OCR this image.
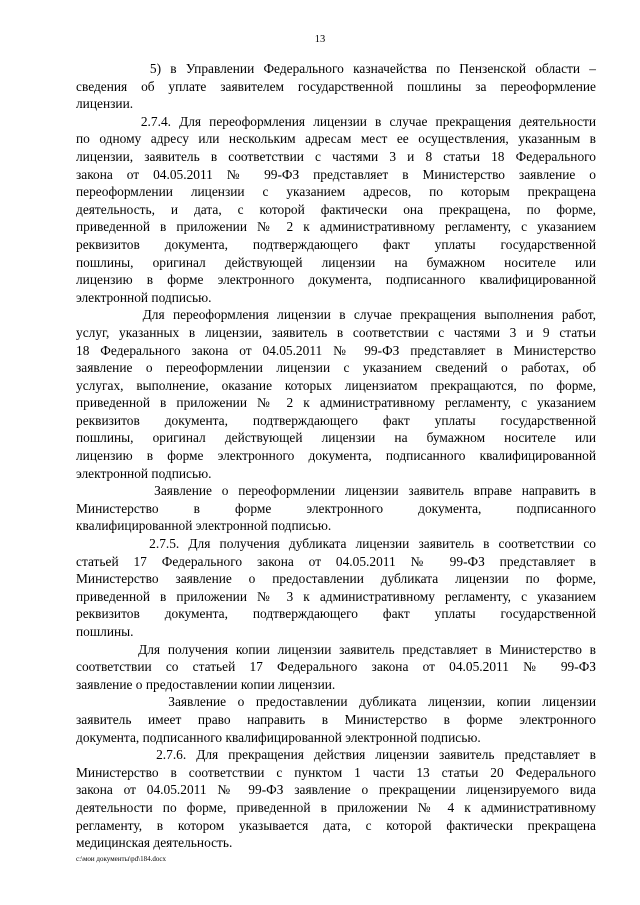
13
5) в Управлении Федерального казначейства по Пензенской области –
сведения об уплате заявителем государственной пошлины за переоформление
лицензии.
2.7.4. Для переоформления лицензии в случае прекращения деятельности
по одному адресу или нескольким адресам мест ее осуществления, указанным в
лицензии, заявитель в соответствии с частями 3 и 8 статьи 18 Федерального
закона от 04.05.2011 № 99-ФЗ представляет в Министерство заявление о
переоформлении лицензии с указанием адресов, по которым прекращена
деятельность, и дата, с которой фактически она прекращена, по форме,
приведенной в приложении № 2 к административному регламенту, с указанием
реквизитов документа, подтверждающего факт уплаты государственной
пошлины, оригинал действующей лицензии на бумажном носителе или
лицензию в форме электронного документа, подписанного квалифицированной
электронной подписью.
Для переоформления лицензии в случае прекращения выполнения работ,
услуг, указанных в лицензии, заявитель в соответствии с частями 3 и 9 статьи
18 Федерального закона от 04.05.2011 № 99-ФЗ представляет в Министерство
заявление о переоформлении лицензии с указанием сведений о работах, об
услугах, выполнение, оказание которых лицензиатом прекращаются, по форме,
приведенной в приложении № 2 к административному регламенту, с указанием
реквизитов документа, подтверждающего факт уплаты государственной
пошлины, оригинал действующей лицензии на бумажном носителе или
лицензию в форме электронного документа, подписанного квалифицированной
электронной подписью.
Заявление о переоформлении лицензии заявитель вправе направить в
Министерство в форме электронного документа, подписанного
квалифицированной электронной подписью.
2.7.5. Для получения дубликата лицензии заявитель в соответствии со
статьей 17 Федерального закона от 04.05.2011 № 99-ФЗ представляет в
Министерство заявление о предоставлении дубликата лицензии по форме,
приведенной в приложении № 3 к административному регламенту, с указанием
реквизитов документа, подтверждающего факт уплаты государственной
пошлины.
Для получения копии лицензии заявитель представляет в Министерство в
соответствии со статьей 17 Федерального закона от 04.05.2011 № 99-ФЗ
заявление о предоставлении копии лицензии.
Заявление о предоставлении дубликата лицензии, копии лицензии
заявитель имеет право направить в Министерство в форме электронного
документа, подписанного квалифицированной электронной подписью.
2.7.6. Для прекращения действия лицензии заявитель представляет в
Министерство в соответствии с пунктом 1 части 13 статьи 20 Федерального
закона от 04.05.2011 № 99-ФЗ заявление о прекращении лицензируемого вида
деятельности по форме, приведенной в приложении № 4 к административному
регламенту, в котором указывается дата, с которой фактически прекращена
медицинская деятельность.
c:\мои документы\pd\184.docx
